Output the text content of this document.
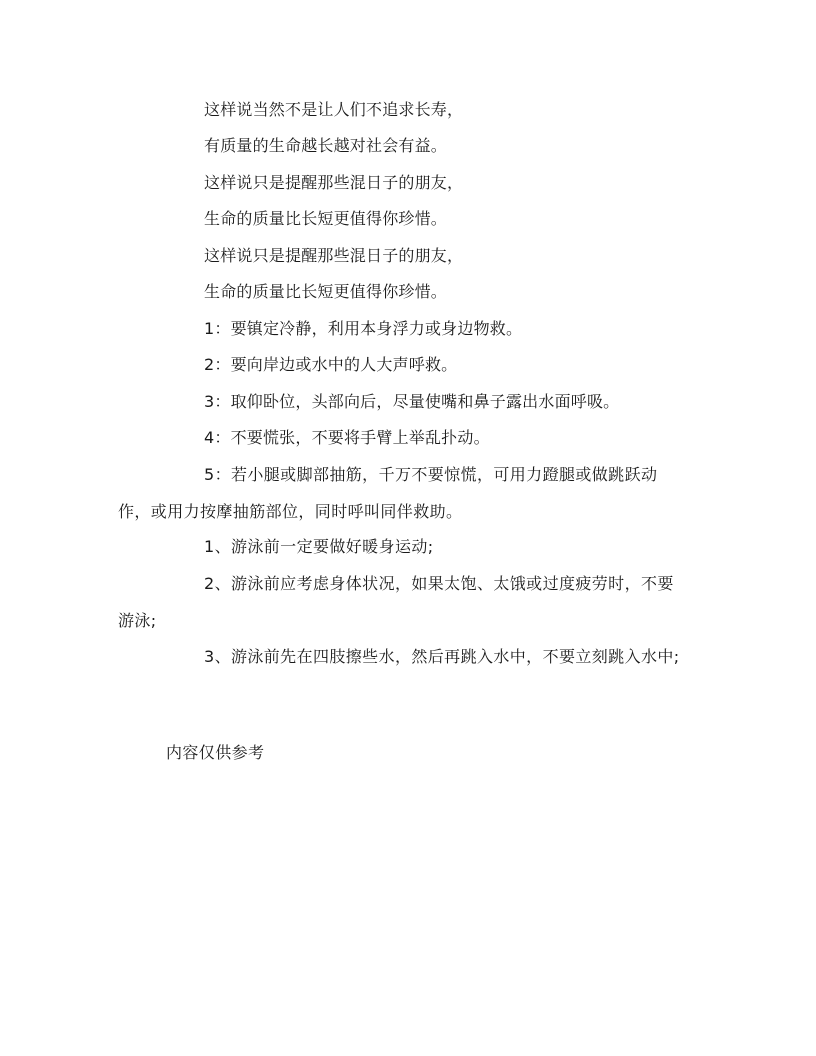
这样说当然不是让人们不追求长寿，
有质量的生命越长越对社会有益。
这样说只是提醒那些混日子的朋友，
生命的质量比长短更值得你珍惜。
这样说只是提醒那些混日子的朋友，
生命的质量比长短更值得你珍惜。
1：要镇定冷静，利用本身浮力或身边物救。
2：要向岸边或水中的人大声呼救。
3：取仰卧位，头部向后，尽量使嘴和鼻子露出水面呼吸。
4：不要慌张，不要将手臂上举乱扑动。
5：若小腿或脚部抽筋，千万不要惊慌，可用力蹬腿或做跳跃动作，或用力按摩抽筋部位，同时呼叫同伴救助。
1、游泳前一定要做好暖身运动;
2、游泳前应考虑身体状况，如果太饱、太饿或过度疲劳时，不要游泳;
3、游泳前先在四肢擦些水，然后再跳入水中，不要立刻跳入水中;
内容仅供参考
